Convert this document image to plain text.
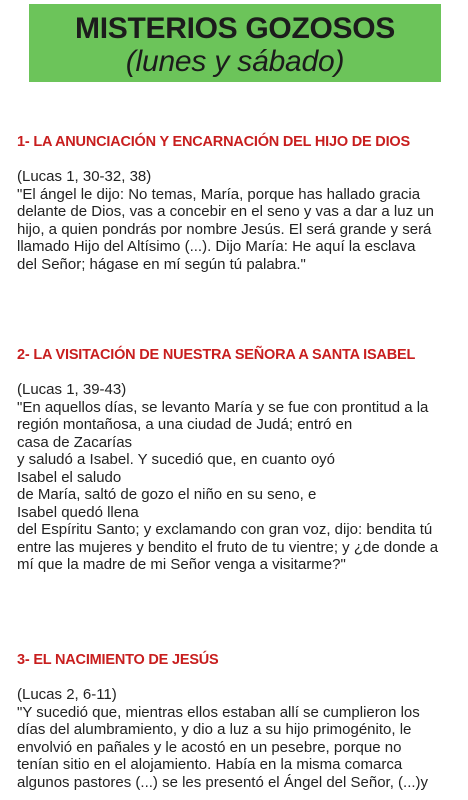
MISTERIOS GOZOSOS
(lunes y sábado)
1- LA ANUNCIACIÓN Y ENCARNACIÓN DEL HIJO DE DIOS
(Lucas 1, 30-32, 38)
"El ángel le dijo: No temas, María, porque has hallado gracia
delante de Dios, vas a concebir en el seno y vas a dar a luz un
hijo, a quien pondrás por nombre Jesús. El será grande y será
llamado Hijo del Altísimo (...). Dijo María: He aquí la esclava
del Señor; hágase en mí según tú palabra."
2- LA VISITACIÓN DE NUESTRA SEÑORA A SANTA ISABEL
(Lucas 1, 39-43)
"En aquellos días, se levanto María y se fue con prontitud a la
región montañosa, a una ciudad de Judá; entró en
casa de Zacarías
y saludó a Isabel. Y sucedió que, en cuanto oyó
Isabel el saludo
de María, saltó de gozo el niño en su seno, e
Isabel quedó llena
del Espíritu Santo; y exclamando con gran voz, dijo: bendita tú
entre las mujeres y bendito el fruto de tu vientre; y ¿de donde a
mí que la madre de mi Señor venga a visitarme?"
3- EL NACIMIENTO DE JESÚS
(Lucas 2, 6-11)
"Y sucedió que, mientras ellos estaban allí se cumplieron los
días del alumbramiento, y dio a luz a su hijo primogénito, le
envolvió en pañales y le acostó en un pesebre, porque no
tenían sitio en el alojamiento. Había en la misma comarca
algunos pastores (...) se les presentó el Ángel del Señor, (...)y
